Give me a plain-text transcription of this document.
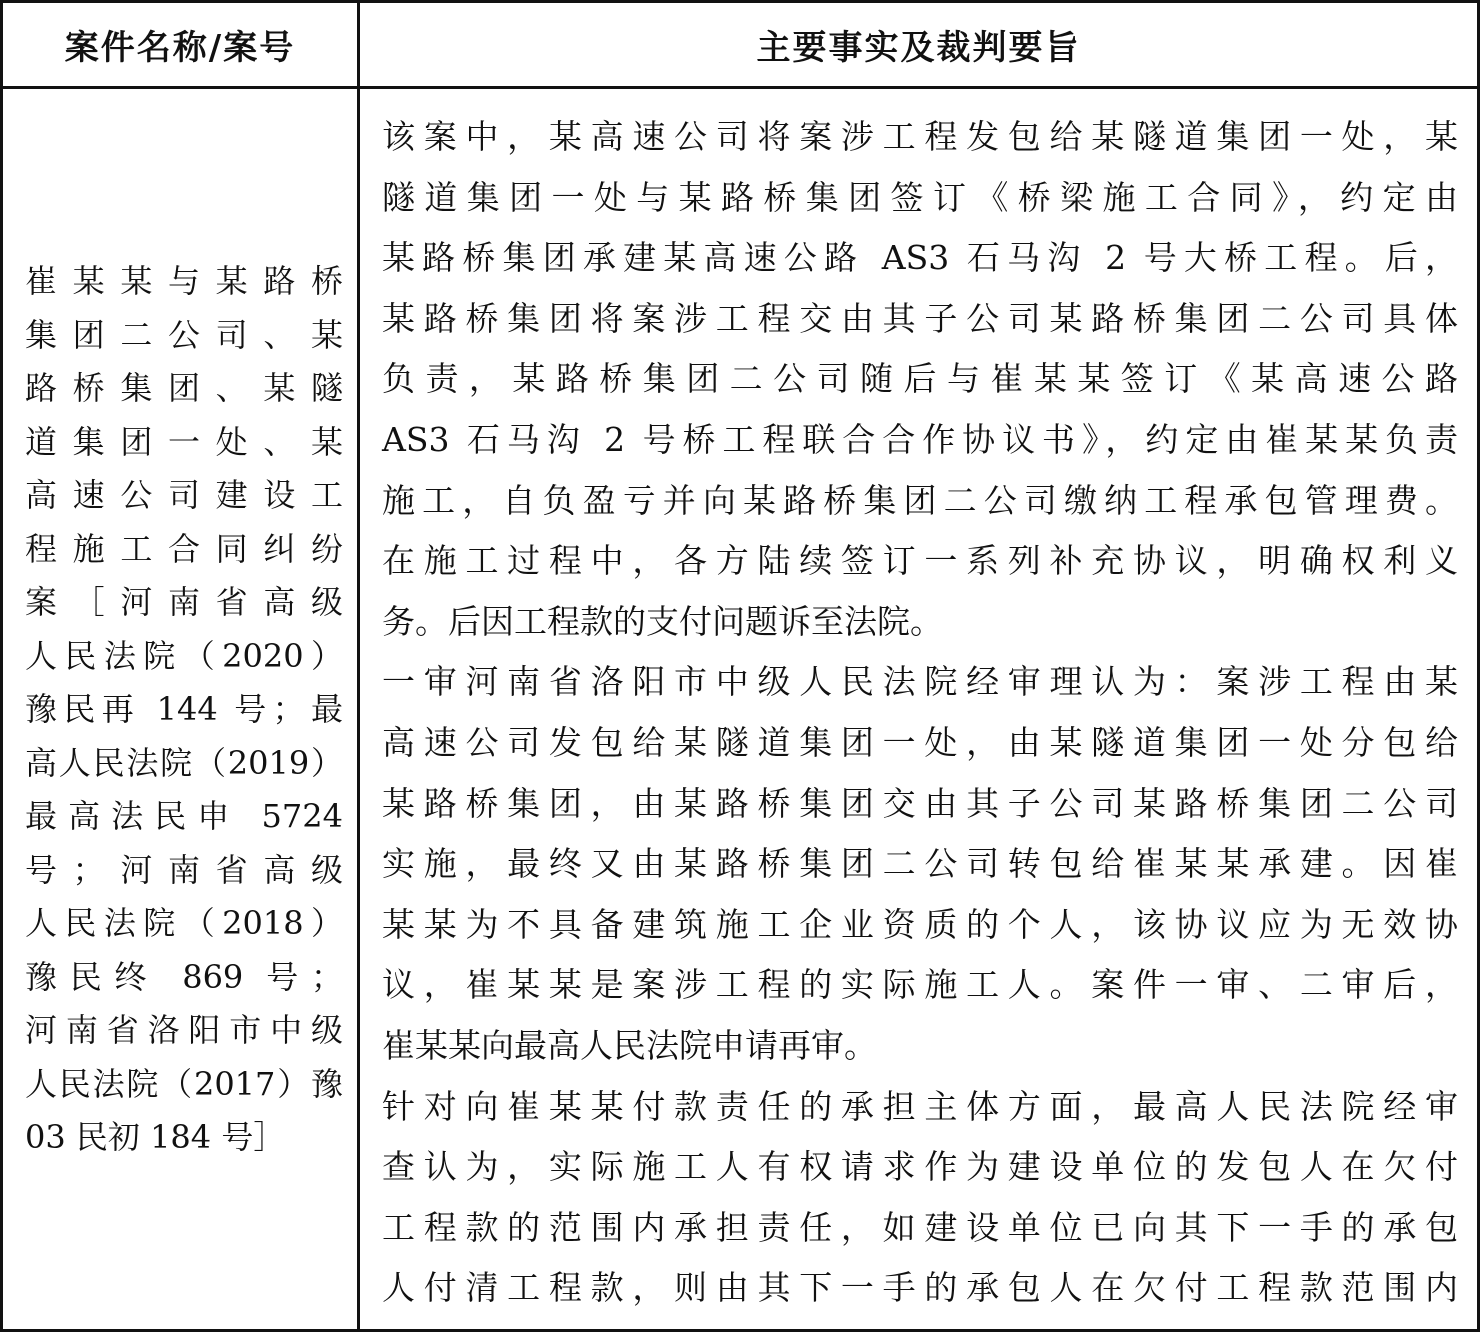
案件名称/案号	主要事实及裁判要旨
崔某某与某路桥
集团二公司、某
路桥集团、某隧
道集团一处、某
高速公司建设工
程施工合同纠纷
案［河南省高级
人民法院（2020）
豫民再 144 号；最
高人民法院（2019）
最高法民申 5724
号；河南省高级
人民法院（2018）
豫民终 869 号；
河南省洛阳市中级
人民法院（2017）豫
03 民初 184 号］
该案中，某高速公司将案涉工程发包给某隧道集团一处，某
隧道集团一处与某路桥集团签订《桥梁施工合同》，约定由
某路桥集团承建某高速公路 AS3 石马沟 2 号大桥工程。后，
某路桥集团将案涉工程交由其子公司某路桥集团二公司具体
负责，某路桥集团二公司随后与崔某某签订《某高速公路
AS3 石马沟 2 号桥工程联合合作协议书》，约定由崔某某负责
施工，自负盈亏并向某路桥集团二公司缴纳工程承包管理费。
在施工过程中，各方陆续签订一系列补充协议，明确权利义
务。后因工程款的支付问题诉至法院。
一审河南省洛阳市中级人民法院经审理认为：案涉工程由某
高速公司发包给某隧道集团一处，由某隧道集团一处分包给
某路桥集团，由某路桥集团交由其子公司某路桥集团二公司
实施，最终又由某路桥集团二公司转包给崔某某承建。因崔
某某为不具备建筑施工企业资质的个人，该协议应为无效协
议，崔某某是案涉工程的实际施工人。案件一审、二审后，
崔某某向最高人民法院申请再审。
针对向崔某某付款责任的承担主体方面，最高人民法院经审
查认为，实际施工人有权请求作为建设单位的发包人在欠付
工程款的范围内承担责任，如建设单位已向其下一手的承包
人付清工程款，则由其下一手的承包人在欠付工程款范围内
